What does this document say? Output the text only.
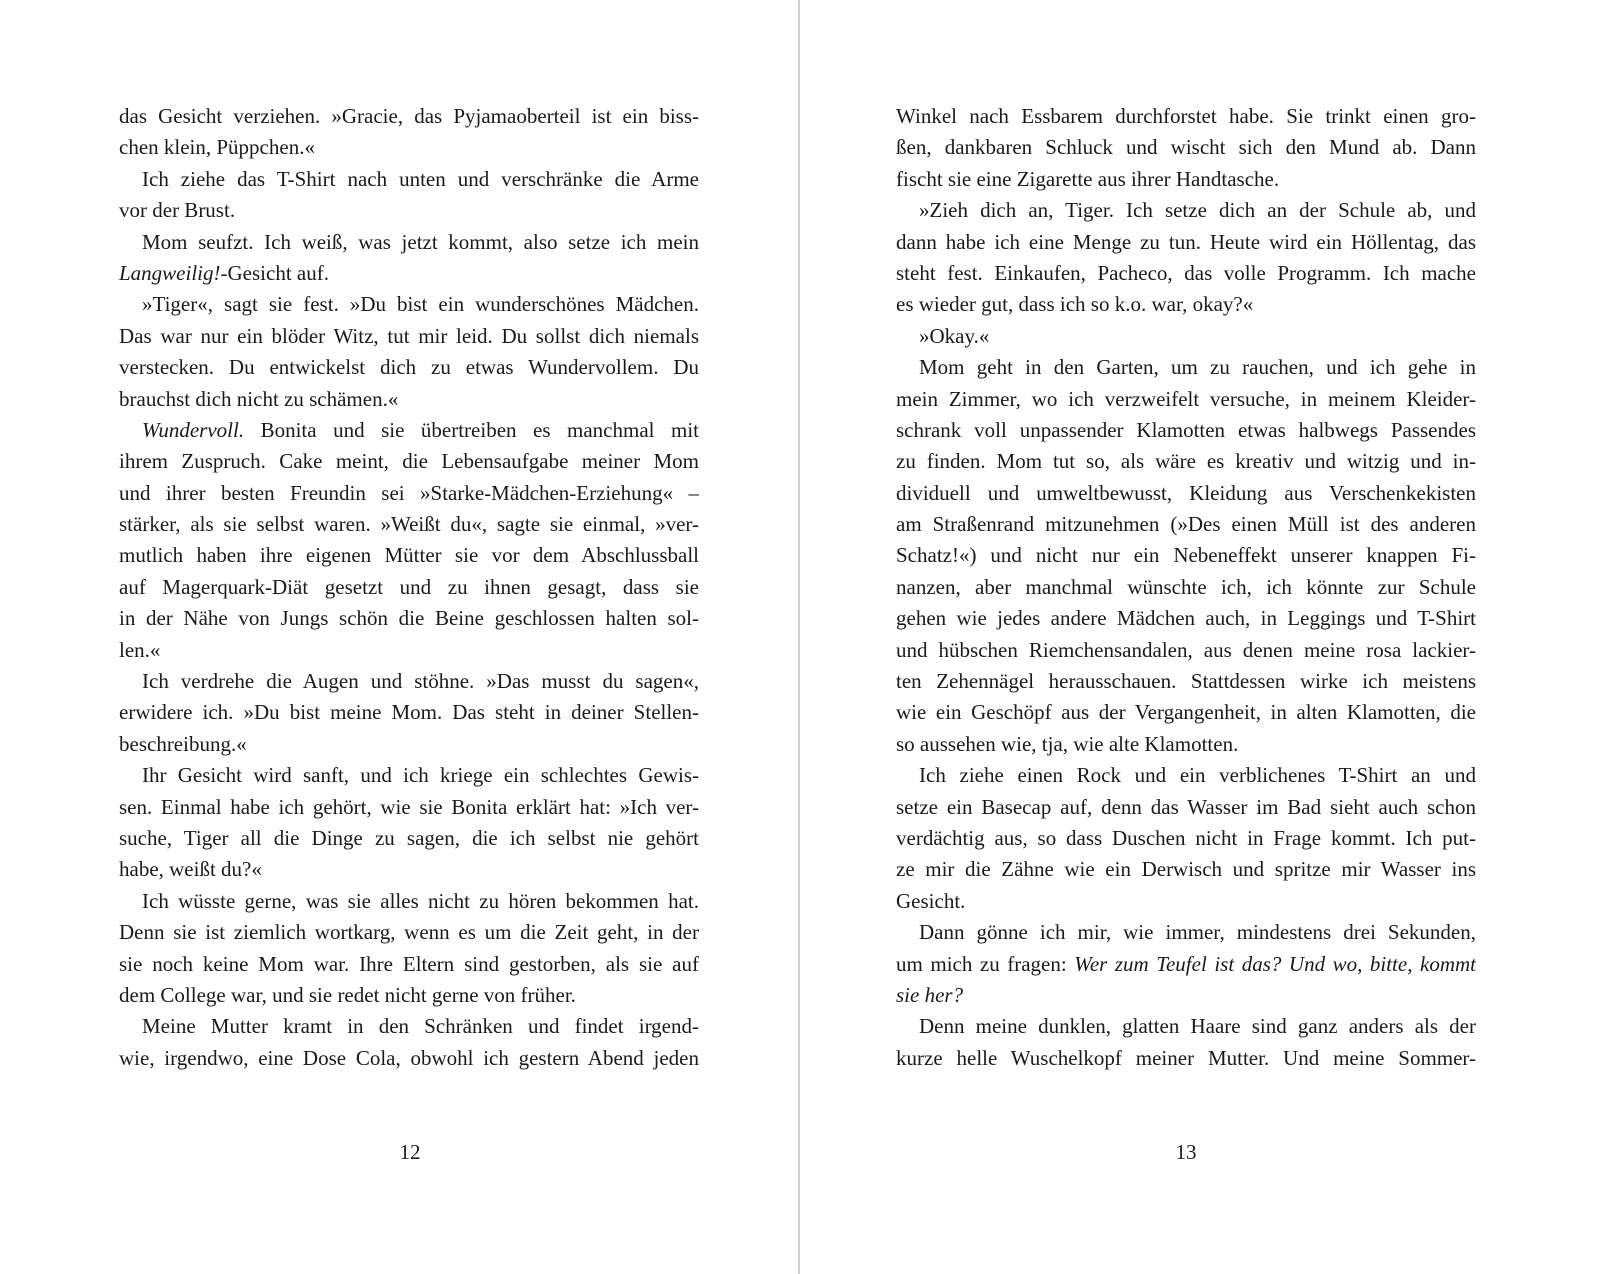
das Gesicht verziehen. »Gracie, das Pyjamaoberteil ist ein biss-
chen klein, Püppchen.«
Ich ziehe das T-Shirt nach unten und verschränke die Arme
vor der Brust.
Mom seufzt. Ich weiß, was jetzt kommt, also setze ich mein
Langweilig!-Gesicht auf.
»Tiger«, sagt sie fest. »Du bist ein wunderschönes Mädchen.
Das war nur ein blöder Witz, tut mir leid. Du sollst dich niemals
verstecken. Du entwickelst dich zu etwas Wundervollem. Du
brauchst dich nicht zu schämen.«
Wundervoll. Bonita und sie übertreiben es manchmal mit
ihrem Zuspruch. Cake meint, die Lebensaufgabe meiner Mom
und ihrer besten Freundin sei »Starke-Mädchen-Erziehung« –
stärker, als sie selbst waren. »Weißt du«, sagte sie einmal, »ver-
mutlich haben ihre eigenen Mütter sie vor dem Abschlussball
auf Magerquark-Diät gesetzt und zu ihnen gesagt, dass sie
in der Nähe von Jungs schön die Beine geschlossen halten sol-
len.«
Ich verdrehe die Augen und stöhne. »Das musst du sagen«,
erwidere ich. »Du bist meine Mom. Das steht in deiner Stellen-
beschreibung.«
Ihr Gesicht wird sanft, und ich kriege ein schlechtes Gewis-
sen. Einmal habe ich gehört, wie sie Bonita erklärt hat: »Ich ver-
suche, Tiger all die Dinge zu sagen, die ich selbst nie gehört
habe, weißt du?«
Ich wüsste gerne, was sie alles nicht zu hören bekommen hat.
Denn sie ist ziemlich wortkarg, wenn es um die Zeit geht, in der
sie noch keine Mom war. Ihre Eltern sind gestorben, als sie auf
dem College war, und sie redet nicht gerne von früher.
Meine Mutter kramt in den Schränken und findet irgend-
wie, irgendwo, eine Dose Cola, obwohl ich gestern Abend jeden
12
Winkel nach Essbarem durchforstet habe. Sie trinkt einen gro-
ßen, dankbaren Schluck und wischt sich den Mund ab. Dann
fischt sie eine Zigarette aus ihrer Handtasche.
»Zieh dich an, Tiger. Ich setze dich an der Schule ab, und
dann habe ich eine Menge zu tun. Heute wird ein Höllentag, das
steht fest. Einkaufen, Pacheco, das volle Programm. Ich mache
es wieder gut, dass ich so k.o. war, okay?«
»Okay.«
Mom geht in den Garten, um zu rauchen, und ich gehe in
mein Zimmer, wo ich verzweifelt versuche, in meinem Kleider-
schrank voll unpassender Klamotten etwas halbwegs Passendes
zu finden. Mom tut so, als wäre es kreativ und witzig und in-
dividuell und umweltbewusst, Kleidung aus Verschenkekisten
am Straßenrand mitzunehmen (»Des einen Müll ist des anderen
Schatz!«) und nicht nur ein Nebeneffekt unserer knappen Fi-
nanzen, aber manchmal wünschte ich, ich könnte zur Schule
gehen wie jedes andere Mädchen auch, in Leggings und T-Shirt
und hübschen Riemchensandalen, aus denen meine rosa lackier-
ten Zehennägel herausschauen. Stattdessen wirke ich meistens
wie ein Geschöpf aus der Vergangenheit, in alten Klamotten, die
so aussehen wie, tja, wie alte Klamotten.
Ich ziehe einen Rock und ein verblichenes T-Shirt an und
setze ein Basecap auf, denn das Wasser im Bad sieht auch schon
verdächtig aus, so dass Duschen nicht in Frage kommt. Ich put-
ze mir die Zähne wie ein Derwisch und spritze mir Wasser ins
Gesicht.
Dann gönne ich mir, wie immer, mindestens drei Sekunden,
um mich zu fragen: Wer zum Teufel ist das? Und wo, bitte, kommt
sie her?
Denn meine dunklen, glatten Haare sind ganz anders als der
kurze helle Wuschelkopf meiner Mutter. Und meine Sommer-
13
